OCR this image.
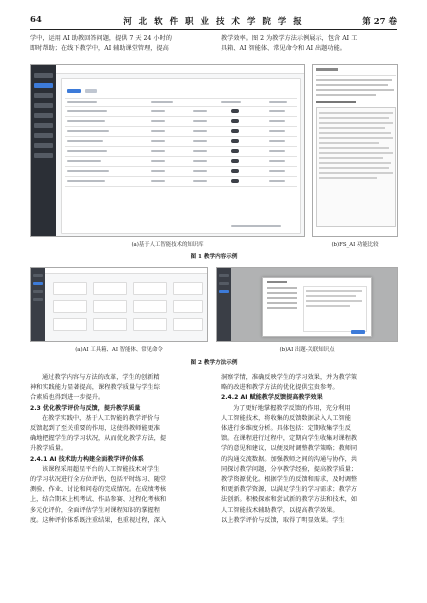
64	河 北 软 件 职 业 技 术 学 院 学 报	第 27 卷
学中，运用 AI 助教回答问题，提供 7 天 24 小时的
即时帮助；在线下教学中，AI 辅助课堂管理，提高
教学效率。图 2 为教学方法示例展示，包含 AI 工
具箱、AI 智能体、常见命令和 AI 出题功能。
(a)基于人工智能技术的知识库	(b)FS_AI 功能比较
图 1 教学内容示例
(a)AI 工具箱、AI 智能体、常见命令	(b)AI 出题-关联知识点
图 2 教学方法示例
通过教学内容与方法的改革，学生的创新精
神和实践能力显著提高，课程教学质量与学生综
合素质也得到进一步提升。
2.3 优化教学评价与反馈，提升教学质量
在教学实践中，基于人工智能的教学评价与
反馈起到了至关重要的作用，这使得教师能更准
确地把握学生的学习状况，从而优化教学方法，提
升教学质量。
2.4.1 AI 技术助力构建全面教学评价体系
该课程采用超星平台的人工智能技术对学生
的学习状况进行全方位评估，包括平时练习、随堂
测验、作业、讨论和问卷的完成情况。在成绩考核
上，结合期末上机考试、作品参赛、过程化考核和
多元化评价，全面评估学生对课程知识的掌握程
度。这种评价体系既注重结果，也重视过程，深入
洞察学情，准确反映学生的学习效果，并为教学策
略的改进和教学方法的优化提供宝贵参考。
2.4.2 AI 赋能教学反馈提高教学效果
为了更好地掌握教学反馈的作用，充分利用
人工智能技术，将收集的反馈数据录入人工智能
体进行多维度分析。具体包括：定期收集学生反
馈。在课程进行过程中，定期向学生收集对课程教
学的意见和建议，以便及时调整教学策略；教师同
的沟通交流数据。加强教师之间的沟通与协作，共
同探讨教学问题，分享教学经验，提高教学质量；
教学资源优化。根据学生的反馈和需求，及时调整
和更新教学资源，以满足学生的学习需求；教学方
法创新。积极探索和尝试新的教学方法和技术，如
人工智能技术辅助教学，以提高教学效果。
以上教学评价与反馈，取得了明显效果。学生
